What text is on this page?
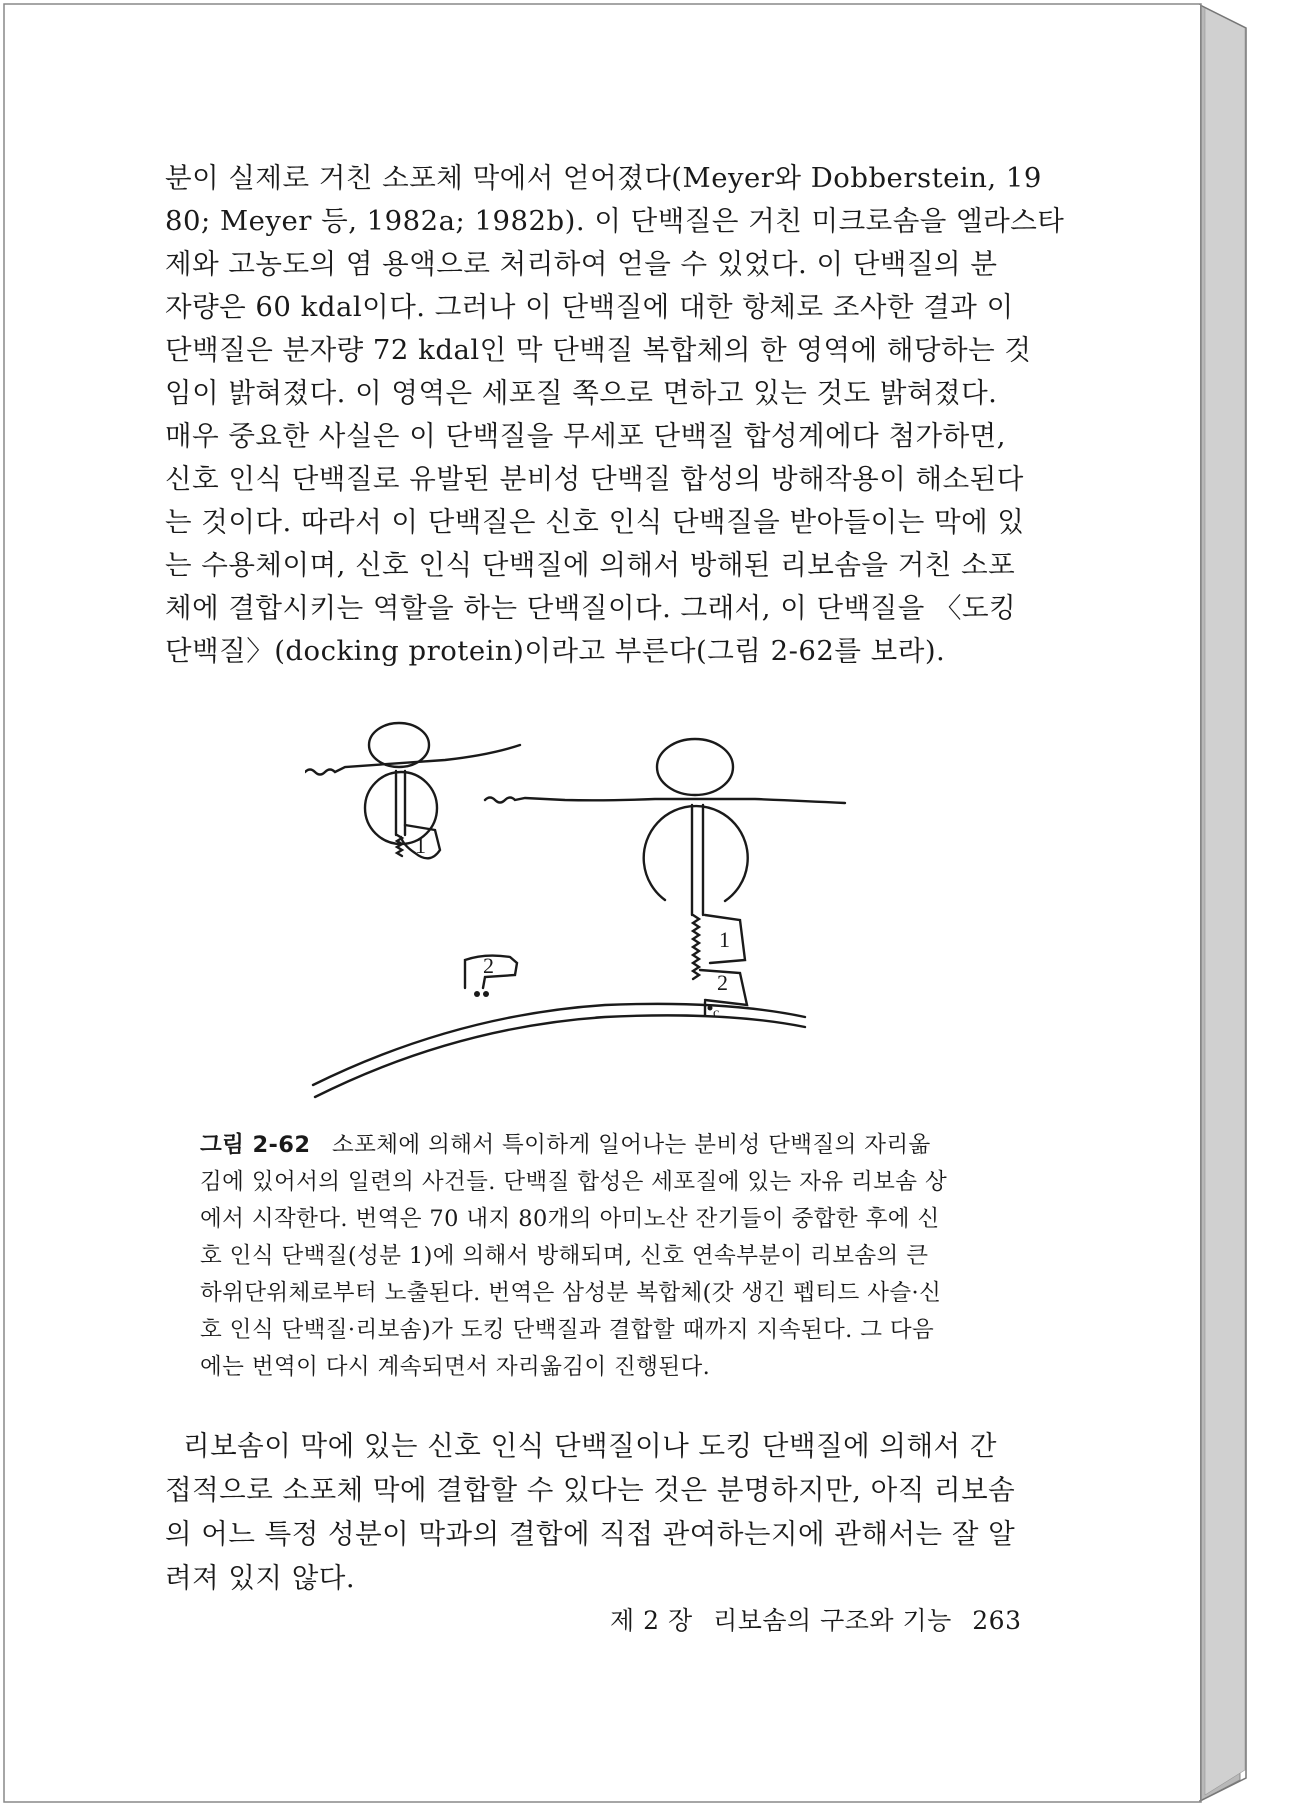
분이 실제로 거친 소포체 막에서 얻어졌다(Meyer와 Dobberstein, 19
80; Meyer 등, 1982a; 1982b). 이 단백질은 거친 미크로솜을 엘라스타
제와 고농도의 염 용액으로 처리하여 얻을 수 있었다. 이 단백질의 분
자량은 60 kdal이다. 그러나 이 단백질에 대한 항체로 조사한 결과 이
단백질은 분자량 72 kdal인 막 단백질 복합체의 한 영역에 해당하는 것
임이 밝혀졌다. 이 영역은 세포질 쪽으로 면하고 있는 것도 밝혀졌다.
매우 중요한 사실은 이 단백질을 무세포 단백질 합성계에다 첨가하면,
신호 인식 단백질로 유발된 분비성 단백질 합성의 방해작용이 해소된다
는 것이다. 따라서 이 단백질은 신호 인식 단백질을 받아들이는 막에 있
는 수용체이며, 신호 인식 단백질에 의해서 방해된 리보솜을 거친 소포
체에 결합시키는 역할을 하는 단백질이다. 그래서, 이 단백질을 〈도킹
단백질〉(docking protein)이라고 부른다(그림 2-62를 보라).
c
1
1
2
2
그림 2-62 소포체에 의해서 특이하게 일어나는 분비성 단백질의 자리옮
김에 있어서의 일련의 사건들. 단백질 합성은 세포질에 있는 자유 리보솜 상
에서 시작한다. 번역은 70 내지 80개의 아미노산 잔기들이 중합한 후에 신
호 인식 단백질(성분 1)에 의해서 방해되며, 신호 연속부분이 리보솜의 큰
하위단위체로부터 노출된다. 번역은 삼성분 복합체(갓 생긴 펩티드 사슬·신
호 인식 단백질·리보솜)가 도킹 단백질과 결합할 때까지 지속된다. 그 다음
에는 번역이 다시 계속되면서 자리옮김이 진행된다.
리보솜이 막에 있는 신호 인식 단백질이나 도킹 단백질에 의해서 간
접적으로 소포체 막에 결합할 수 있다는 것은 분명하지만, 아직 리보솜
의 어느 특정 성분이 막과의 결합에 직접 관여하는지에 관해서는 잘 알
려져 있지 않다.
제 2 장 리보솜의 구조와 기능 263
